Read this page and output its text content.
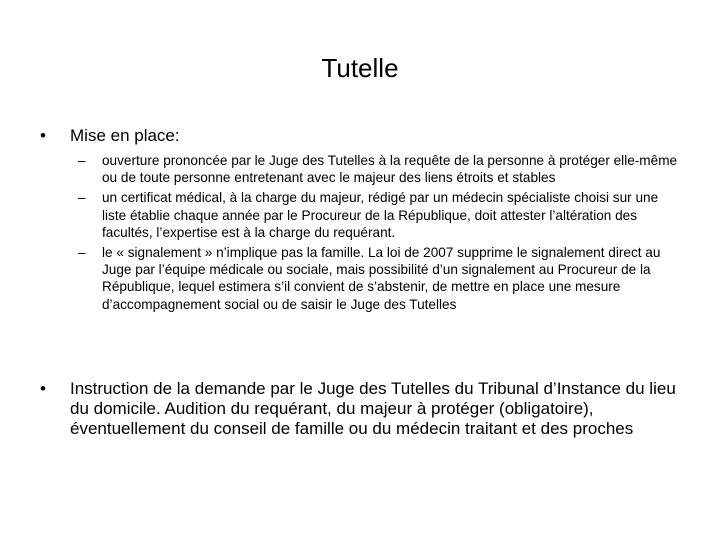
Tutelle
•	Mise en place:
– ouverture prononcée par le Juge des Tutelles à la requête de la personne à protéger elle-même ou de toute personne entretenant avec le majeur des liens étroits et stables
– un certificat médical, à la charge du majeur, rédigé par un médecin spécialiste choisi sur une liste établie chaque année par le Procureur de la République, doit attester l’altération des facultés, l’expertise est à la charge du requérant.
– le « signalement » n’implique pas la famille. La loi de 2007 supprime le signalement direct au Juge par l’équipe médicale ou sociale, mais possibilité d’un signalement au Procureur de la République, lequel estimera s’il convient de s’abstenir, de mettre en place une mesure d’accompagnement social ou de saisir le Juge des Tutelles
•	Instruction de la demande par le Juge des Tutelles du Tribunal d’Instance du lieu du domicile. Audition du requérant, du majeur à protéger (obligatoire), éventuellement du conseil de famille ou du médecin traitant et des proches
